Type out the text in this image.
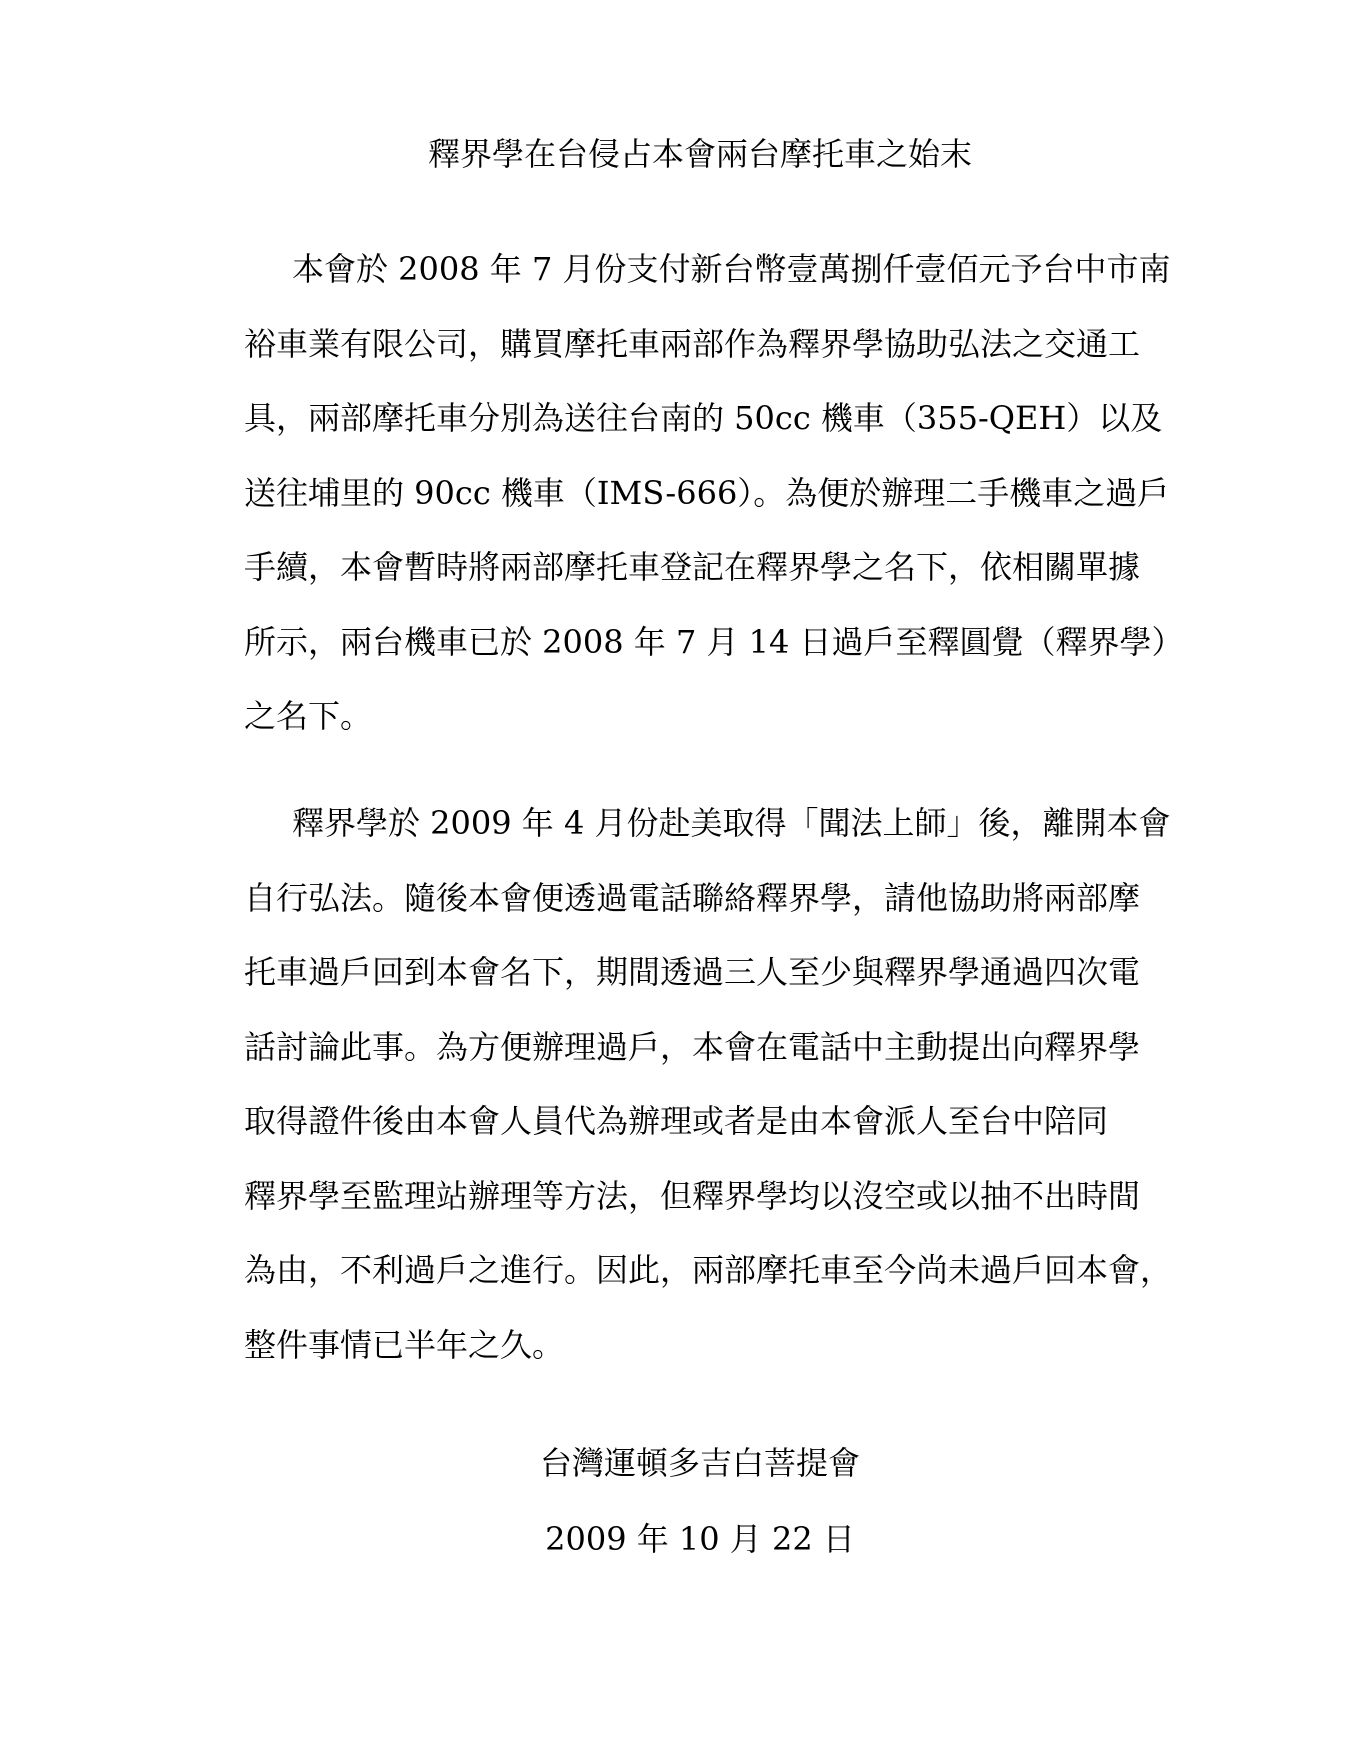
釋界學在台侵占本會兩台摩托車之始末
本會於 2008 年 7 月份支付新台幣壹萬捌仟壹佰元予台中市南
裕車業有限公司，購買摩托車兩部作為釋界學協助弘法之交通工
具，兩部摩托車分別為送往台南的 50cc 機車（355-QEH）以及
送往埔里的 90cc 機車（IMS-666）。為便於辦理二手機車之過戶
手續，本會暫時將兩部摩托車登記在釋界學之名下，依相關單據
所示，兩台機車已於 2008 年 7 月 14 日過戶至釋圓覺（釋界學）
之名下。
釋界學於 2009 年 4 月份赴美取得「聞法上師」後，離開本會
自行弘法。隨後本會便透過電話聯絡釋界學，請他協助將兩部摩
托車過戶回到本會名下，期間透過三人至少與釋界學通過四次電
話討論此事。為方便辦理過戶，本會在電話中主動提出向釋界學
取得證件後由本會人員代為辦理或者是由本會派人至台中陪同
釋界學至監理站辦理等方法，但釋界學均以沒空或以抽不出時間
為由，不利過戶之進行。因此，兩部摩托車至今尚未過戶回本會，
整件事情已半年之久。

台灣運頓多吉白菩提會

2009 年 10 月 22 日
